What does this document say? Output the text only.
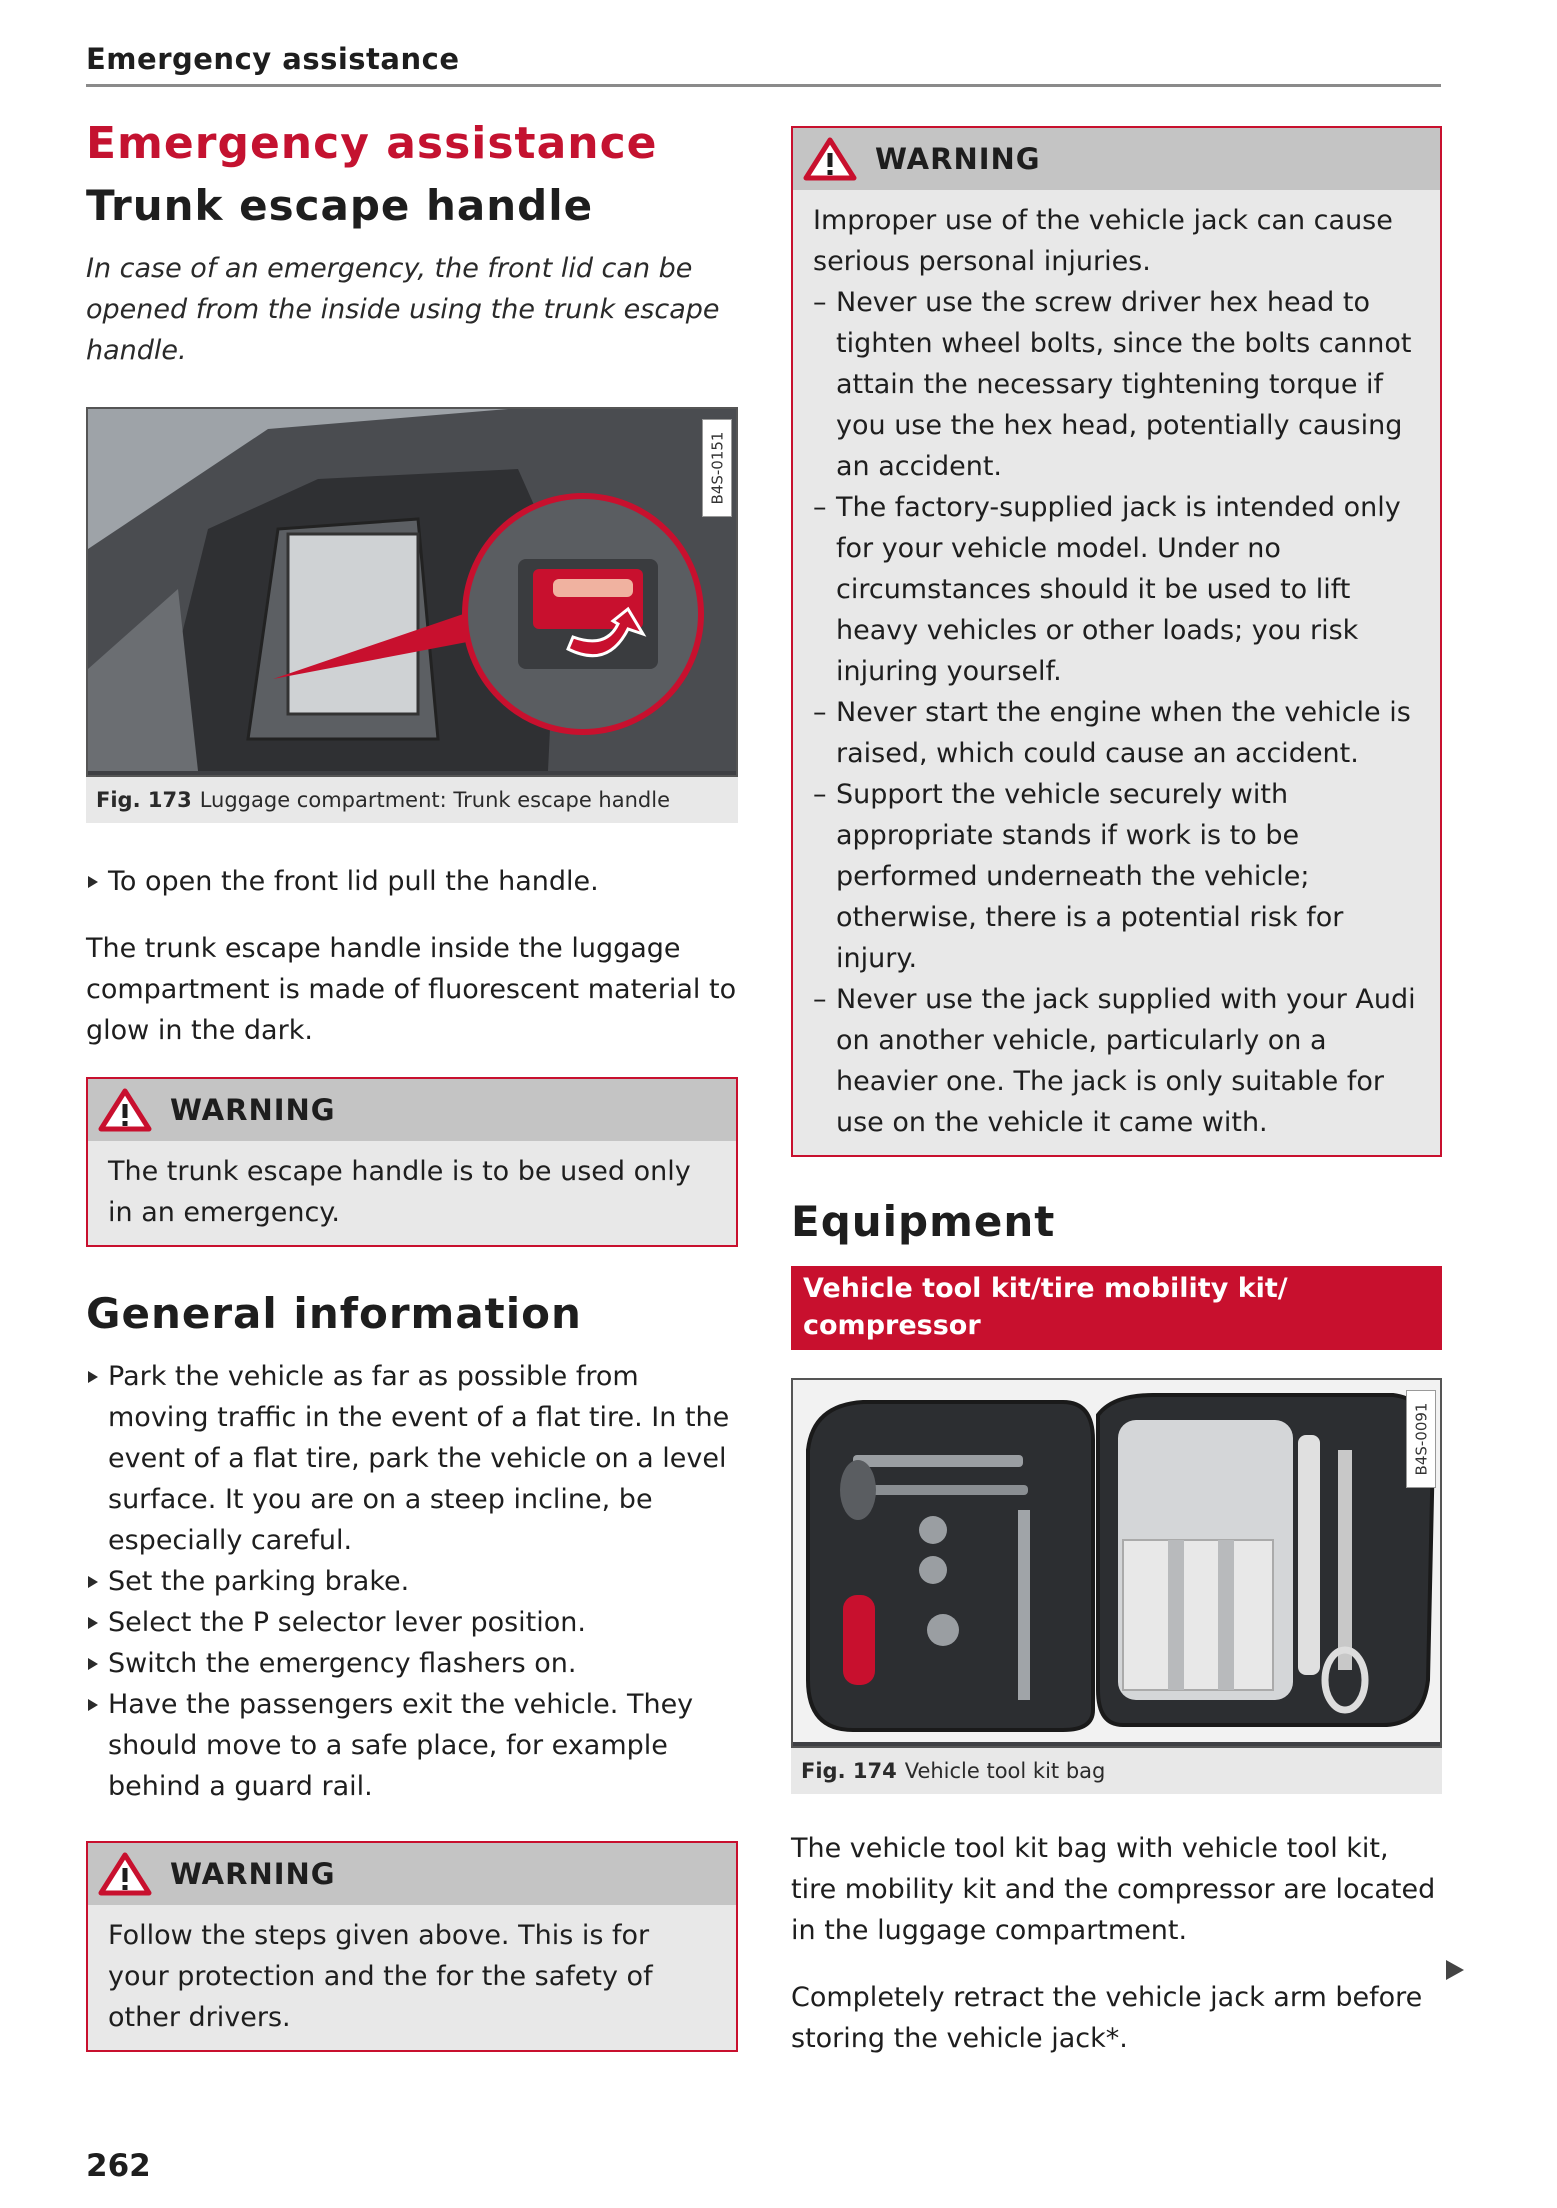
Emergency assistance
Emergency assistance
Trunk escape handle

In case of an emergency, the front lid can be opened from the inside using the trunk escape handle.

B4S-0151
Fig. 173 Luggage compartment: Trunk escape handle
To open the front lid pull the handle.

The trunk escape handle inside the luggage compartment is made of fluorescent material to glow in the dark.

WARNING
The trunk escape handle is to be used only in an emergency.
General information
Park the vehicle as far as possible from moving traffic in the event of a flat tire. In the event of a flat tire, park the vehicle on a level surface. It you are on a steep incline, be especially careful.
Set the parking brake.
Select the P selector lever position.
Switch the emergency flashers on.
Have the passengers exit the vehicle. They should move to a safe place, for example behind a guard rail.
WARNING
Follow the steps given above. This is for your protection and the for the safety of other drivers.
WARNING
Improper use of the vehicle jack can cause serious personal injuries.
– Never use the screw driver hex head to tighten wheel bolts, since the bolts cannot attain the necessary tightening torque if you use the hex head, potentially causing an accident.
– The factory-supplied jack is intended only for your vehicle model. Under no circumstances should it be used to lift heavy vehicles or other loads; you risk injuring yourself.
– Never start the engine when the vehicle is raised, which could cause an accident.
– Support the vehicle securely with appropriate stands if work is to be performed underneath the vehicle; otherwise, there is a potential risk for injury.
– Never use the jack supplied with your Audi on another vehicle, particularly on a heavier one. The jack is only suitable for use on the vehicle it came with.
Equipment
Vehicle tool kit/tire mobility kit/ compressor
B4S-0091
Fig. 174 Vehicle tool kit bag

The vehicle tool kit bag with vehicle tool kit, tire mobility kit and the compressor are located in the luggage compartment.

Completely retract the vehicle jack arm before storing the vehicle jack*.

262
